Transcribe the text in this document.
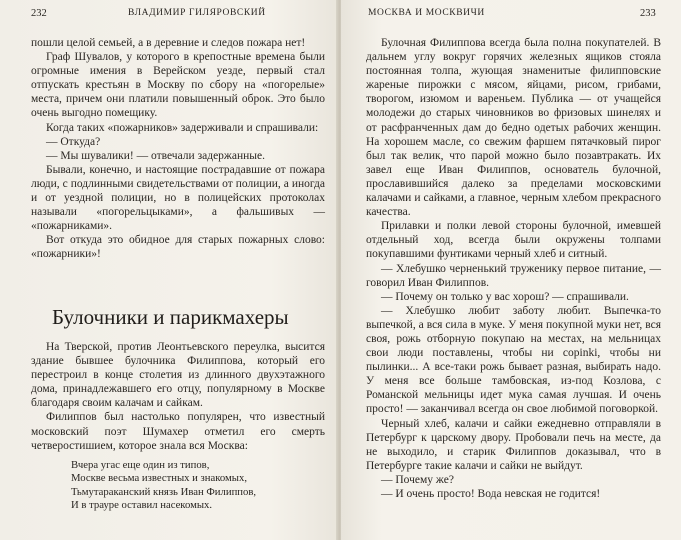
232	ВЛАДИМИР ГИЛЯРОВСКИЙ

пошли целой семьей, а в деревние и следов пожара нет!

Граф Шувалов, у которого в крепостные времена были огромные имения в Верейском уезде, первый стал отпускать крестьян в Москву по сбору на «погорелые» места, причем они платили повышенный оброк. Это было очень выгодно помещику.

Когда таких «пожарников» задерживали и спрашивали:

— Откуда?

— Мы шувалики! — отвечали задержанные.

Бывали, конечно, и настоящие пострадавшие от пожара люди, с подлинными свидетельствами от полиции, а иногда и от уездной полиции, но в полицейских протоколах называли «погорельцыками», а фальшивых — «пожарниками».

Вот откуда это обидное для старых пожарных слово: «пожарники»!

Булочники и парикмахеры

На Тверской, против Леонтьевского переулка, высится здание бывшее булочника Филиппова, который его перестроил в конце столетия из длинного двухэтажного дома, принадлежавшего его отцу, популярному в Москве благодаря своим калачам и сайкам.

Филиппов был настолько популярен, что известный московский поэт Шумахер отметил его смерть четверостишием, которое знала вся Москва:

Вчера угас еще один из типов,
Москве весьма известных и знакомых,
Тьмутараканский князь Иван Филиппов,
И в трауре оставил насекомых.
МОСКВА И МОСКВИЧИ	233

Булочная Филиппова всегда была полна покупателей. В дальнем углу вокруг горячих железных ящиков стояла постоянная толпа, жующая знаменитые филипповские жареные пирожки с мясом, яйцами, рисом, грибами, творогом, изюмом и вареньем. Публика — от учащейся молодежи до старых чиновников во фризовых шинелях и от расфранченных дам до бедно одетых рабочих женщин. На хорошем масле, со свежим фаршем пятачковый пирог был так велик, что парой можно было позавтракать. Их завел еще Иван Филиппов, основатель булочной, прославившийся далеко за пределами московскими калачами и сайками, а главное, черным хлебом прекрасного качества.

Прилавки и полки левой стороны булочной, имевшей отдельный ход, всегда были окружены толпами покупавшими фунтиками черный хлеб и ситный.

— Хлебушко черненький труженику первое питание, — говорил Иван Филиппов.

— Почему он только у вас хорош? — спрашивали.

— Хлебушко любит заботу любит. Выпечка-то выпечкой, а вся сила в муке. У меня покупной муки нет, вся своя, рожь отборную покупаю на местах, на мельницах свои люди поставлены, чтобы ни сорinki, чтобы ни пылинки... А все-таки рожь бывает разная, выбирать надо. У меня все больше тамбовская, из-под Козлова, с Романской мельницы идет мука самая лучшая. И очень просто! — заканчивал всегда он свое любимой поговоркой.

Черный хлеб, калачи и сайки ежедневно отправляли в Петербург к царскому двору. Пробовали печь на месте, да не выходило, и старик Филиппов доказывал, что в Петербурге такие калачи и сайки не выйдут.

— Почему же?

— И очень просто! Вода невская не годится!
